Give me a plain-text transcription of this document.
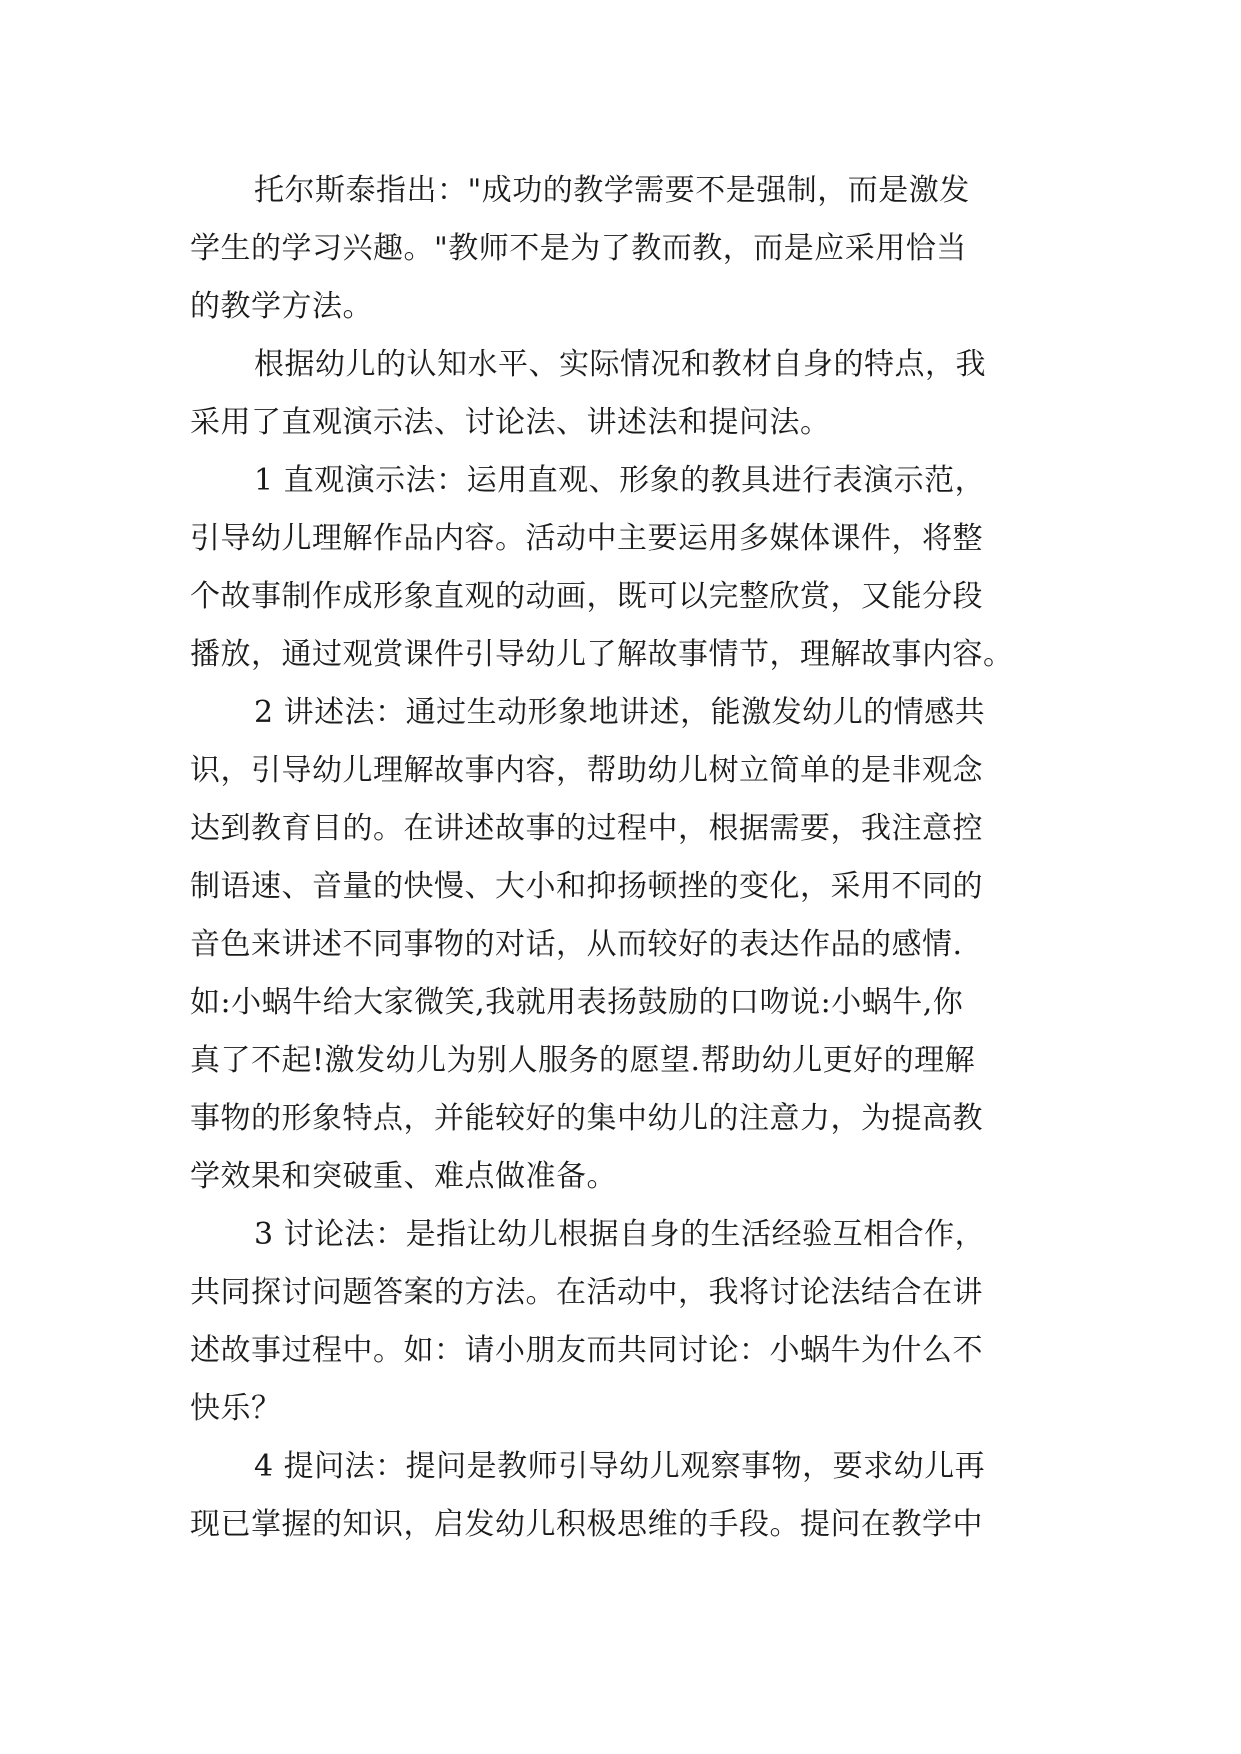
托尔斯泰指出："成功的教学需要不是强制，而是激发
学生的学习兴趣。"教师不是为了教而教，而是应采用恰当
的教学方法。
根据幼儿的认知水平、实际情况和教材自身的特点，我
采用了直观演示法、讨论法、讲述法和提问法。
1 直观演示法：运用直观、形象的教具进行表演示范，
引导幼儿理解作品内容。活动中主要运用多媒体课件，将整
个故事制作成形象直观的动画，既可以完整欣赏，又能分段
播放，通过观赏课件引导幼儿了解故事情节，理解故事内容。
2 讲述法：通过生动形象地讲述，能激发幼儿的情感共
识，引导幼儿理解故事内容，帮助幼儿树立简单的是非观念
达到教育目的。在讲述故事的过程中，根据需要，我注意控
制语速、音量的快慢、大小和抑扬顿挫的变化，采用不同的
音色来讲述不同事物的对话，从而较好的表达作品的感情.
如:小蜗牛给大家微笑,我就用表扬鼓励的口吻说:小蜗牛,你
真了不起!激发幼儿为别人服务的愿望.帮助幼儿更好的理解
事物的形象特点，并能较好的集中幼儿的注意力，为提高教
学效果和突破重、难点做准备。
3 讨论法：是指让幼儿根据自身的生活经验互相合作，
共同探讨问题答案的方法。在活动中，我将讨论法结合在讲
述故事过程中。如：请小朋友而共同讨论：小蜗牛为什么不
快乐？
4 提问法：提问是教师引导幼儿观察事物，要求幼儿再
现已掌握的知识，启发幼儿积极思维的手段。提问在教学中
